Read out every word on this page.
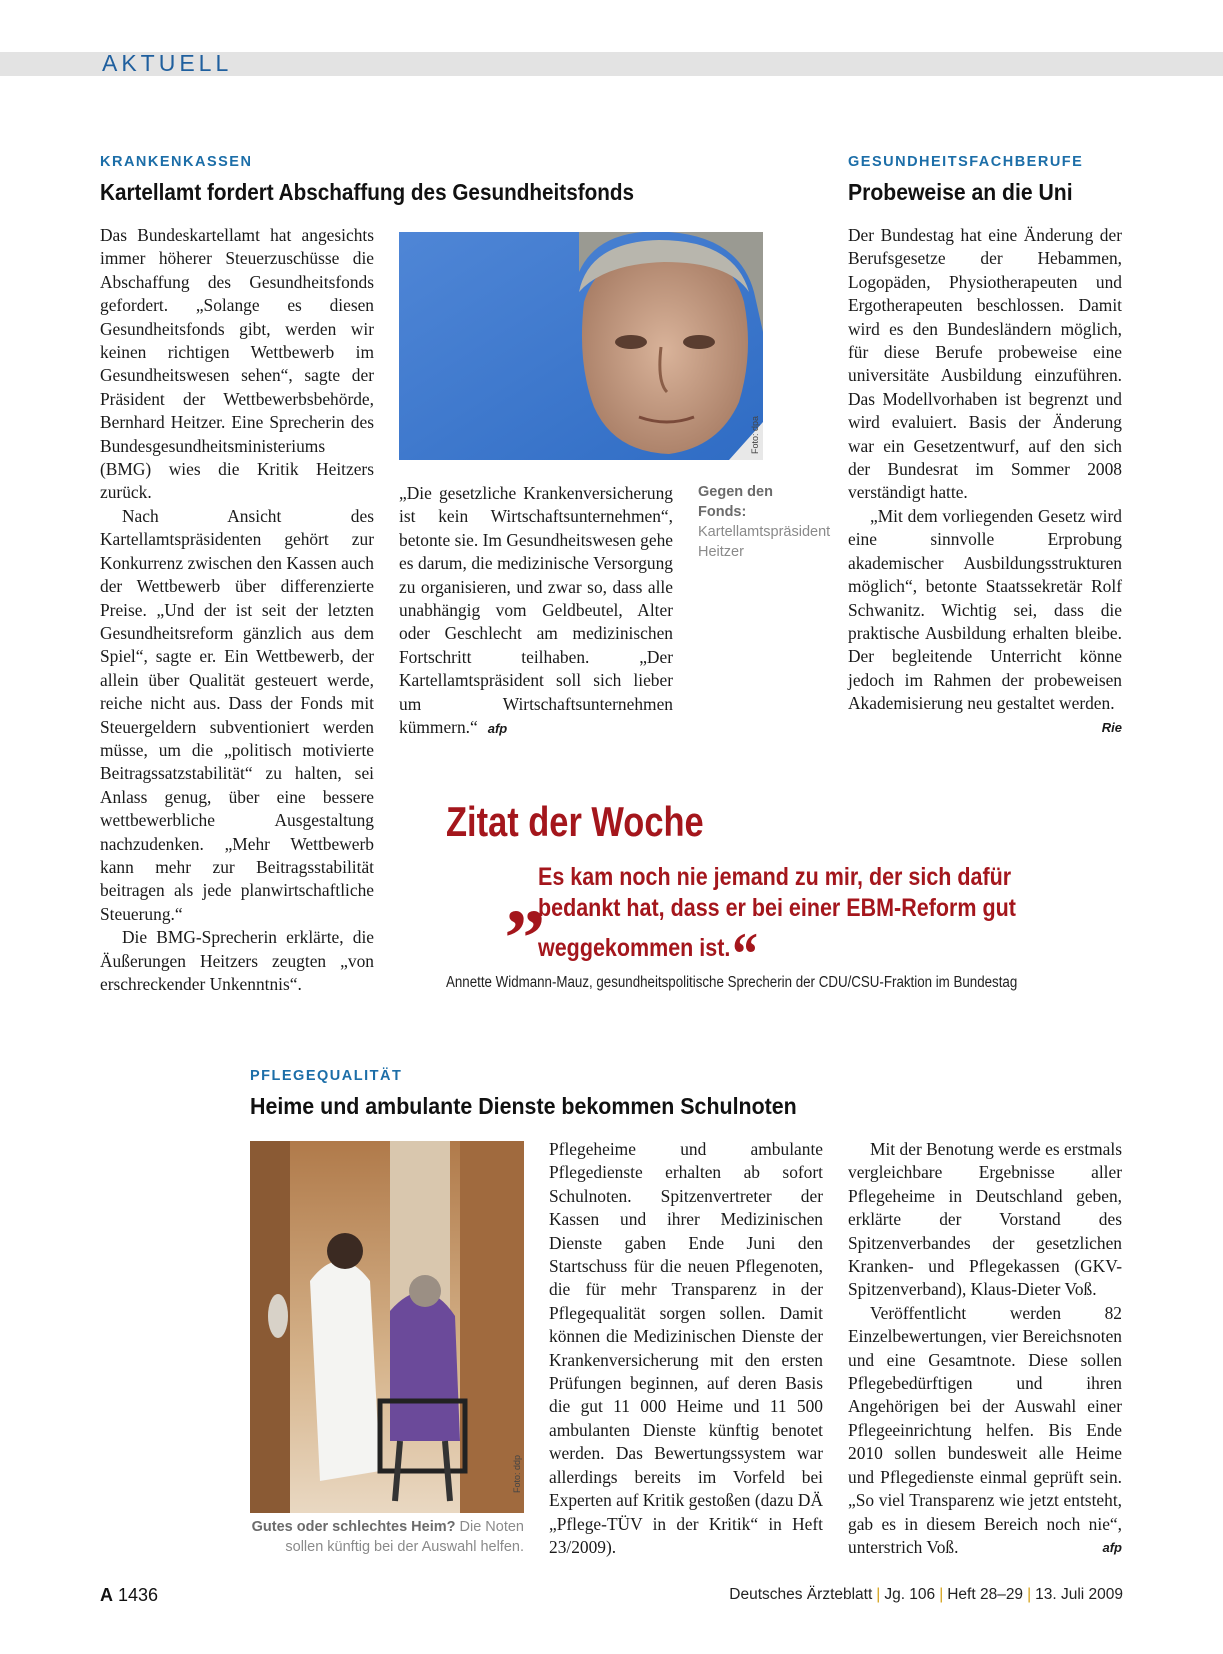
AKTUELL
KRANKENKASSEN
Kartellamt fordert Abschaffung des Gesundheitsfonds

Das Bundeskartellamt hat angesichts immer höherer Steuerzuschüsse die Abschaffung des Gesundheitsfonds gefordert. „Solange es diesen Gesundheitsfonds gibt, werden wir keinen richtigen Wettbewerb im Gesundheitswesen sehen“, sagte der Präsident der Wettbewerbsbehörde, Bernhard Heitzer. Eine Sprecherin des Bundesgesundheitsministeriums (BMG) wies die Kritik Heitzers zurück.

Nach Ansicht des Kartellamtspräsidenten gehört zur Konkurrenz zwischen den Kassen auch der Wettbewerb über differenzierte Preise. „Und der ist seit der letzten Gesundheitsreform gänzlich aus dem Spiel“, sagte er. Ein Wettbewerb, der allein über Qualität gesteuert werde, reiche nicht aus. Dass der Fonds mit Steuergeldern subventioniert werden müsse, um die „politisch motivierte Beitragssatzstabilität“ zu halten, sei Anlass genug, über eine bessere wettbewerbliche Ausgestaltung nachzudenken. „Mehr Wettbewerb kann mehr zur Beitragsstabilität beitragen als jede planwirtschaftliche Steuerung.“

Die BMG-Sprecherin erklärte, die Äußerungen Heitzers zeugten „von erschreckender Unkenntnis“.

Foto: dpa

„Die gesetzliche Krankenversicherung ist kein Wirtschaftsunternehmen“, betonte sie. Im Gesundheitswesen gehe es darum, die medizinische Versorgung zu organisieren, und zwar so, dass alle unabhängig vom Geldbeutel, Alter oder Geschlecht am medizinischen Fortschritt teilhaben. „Der Kartellamtspräsident soll sich lieber um Wirtschaftsunternehmen kümmern.“ afp

Gegen den Fonds: Kartellamtspräsident Heitzer
GESUNDHEITSFACHBERUFE
Probeweise an die Uni

Der Bundestag hat eine Änderung der Berufsgesetze der Hebammen, Logopäden, Physiotherapeuten und Ergotherapeuten beschlossen. Damit wird es den Bundesländern möglich, für diese Berufe probeweise eine universitäte Ausbildung einzuführen. Das Modellvorhaben ist begrenzt und wird evaluiert. Basis der Änderung war ein Gesetzentwurf, auf den sich der Bundesrat im Sommer 2008 verständigt hatte.

„Mit dem vorliegenden Gesetz wird eine sinnvolle Erprobung akademischer Ausbildungsstrukturen möglich“, betonte Staatssekretär Rolf Schwanitz. Wichtig sei, dass die praktische Ausbildung erhalten bleibe. Der begleitende Unterricht könne jedoch im Rahmen der probeweisen Akademisierung neu gestaltet werden.
Rie

Zitat der Woche
„
Es kam noch nie jemand zu mir, der sich dafür bedankt hat, dass er bei einer EBM-Reform gut weggekommen ist.“
Annette Widmann-Mauz, gesundheitspolitische Sprecherin der CDU/CSU-Fraktion im Bundestag
PFLEGEQUALITÄT
Heime und ambulante Dienste bekommen Schulnoten
Foto: ddp
Gutes oder schlechtes Heim? Die Noten sollen künftig bei der Auswahl helfen.

Pflegeheime und ambulante Pflegedienste erhalten ab sofort Schulnoten. Spitzenvertreter der Kassen und ihrer Medizinischen Dienste gaben Ende Juni den Startschuss für die neuen Pflegenoten, die für mehr Transparenz in der Pflegequalität sorgen sollen. Damit können die Medizinischen Dienste der Krankenversicherung mit den ersten Prüfungen beginnen, auf deren Basis die gut 11 000 Heime und 11 500 ambulanten Dienste künftig benotet werden. Das Bewertungssystem war allerdings bereits im Vorfeld bei Experten auf Kritik gestoßen (dazu DÄ „Pflege-TÜV in der Kritik“ in Heft 23/2009).

Mit der Benotung werde es erstmals vergleichbare Ergebnisse aller Pflegeheime in Deutschland geben, erklärte der Vorstand des Spitzenverbandes der gesetzlichen Kranken- und Pflegekassen (GKV-Spitzenverband), Klaus-Dieter Voß.

Veröffentlicht werden 82 Einzelbewertungen, vier Bereichsnoten und eine Gesamtnote. Diese sollen Pflegebedürftigen und ihren Angehörigen bei der Auswahl einer Pflegeeinrichtung helfen. Bis Ende 2010 sollen bundesweit alle Heime und Pflegedienste einmal geprüft sein. „So viel Transparenz wie jetzt entsteht, gab es in diesem Bereich noch nie“, unterstrich Voß.	afp

A 1436	Deutsches Ärzteblatt | Jg. 106 | Heft 28–29 | 13. Juli 2009
